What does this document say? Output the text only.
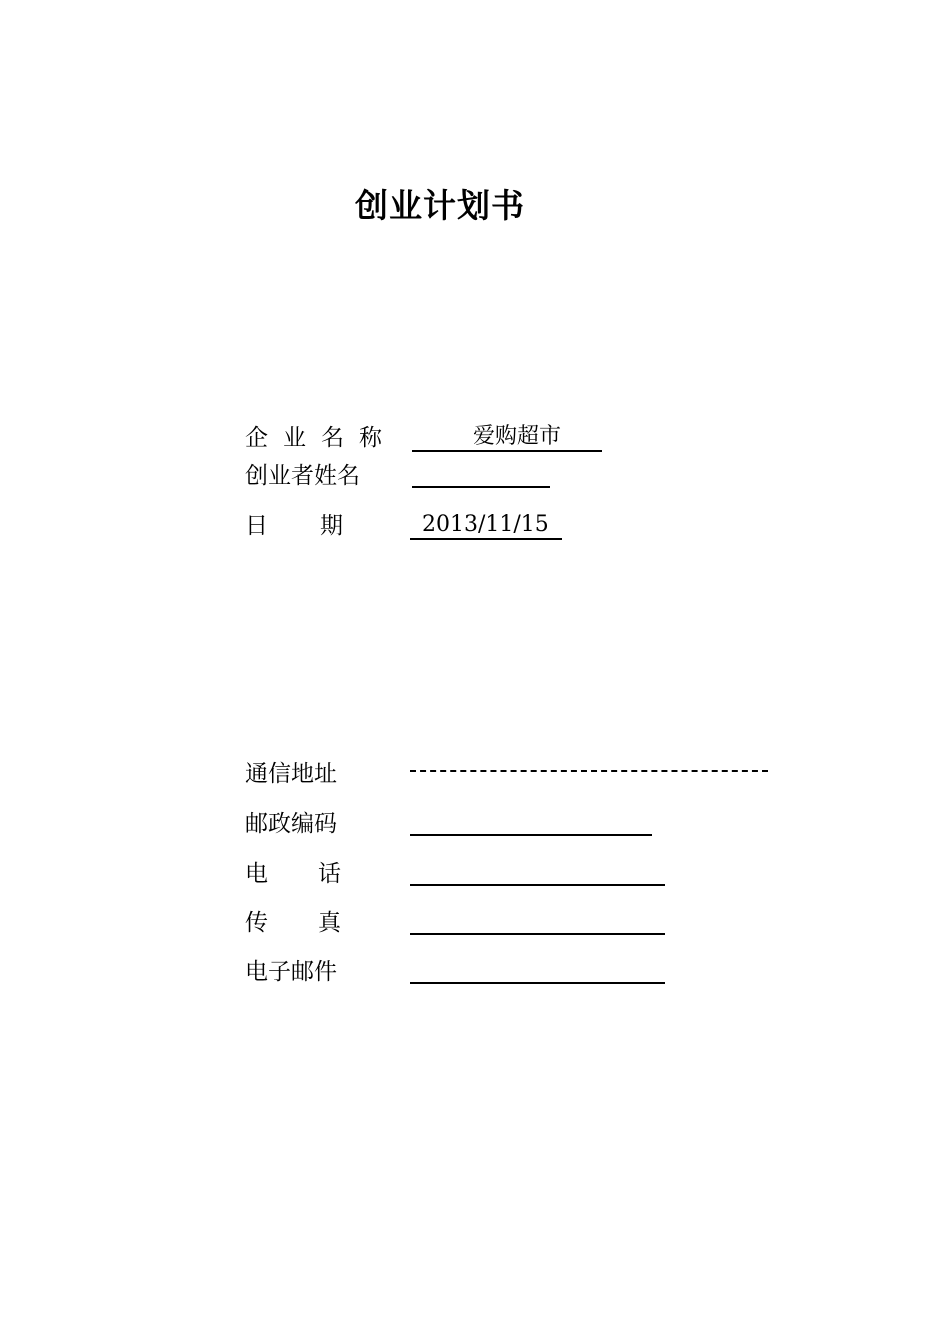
创业计划书
企业名称	爱购超市
创业者姓名
日期	2013/11/15
通信地址
邮政编码
电话
传真
电子邮件
